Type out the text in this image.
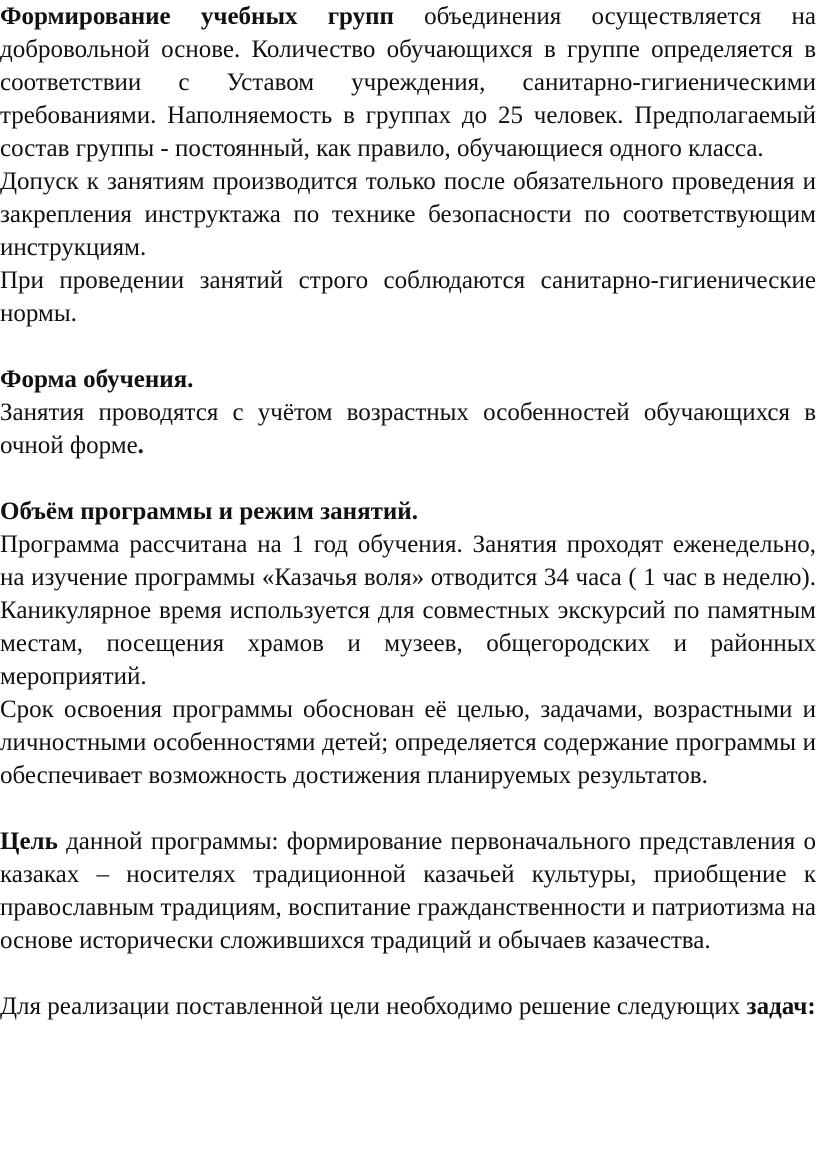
Формирование учебных групп объединения осуществляется на добровольной основе. Количество обучающихся в группе определяется в соответствии с Уставом учреждения, санитарно-гигиеническими требованиями. Наполняемость в группах до 25 человек. Предполагаемый состав группы - постоянный, как правило, обучающиеся одного класса.

Допуск к занятиям производится только после обязательного проведения и закрепления инструктажа по технике безопасности по соответствующим инструкциям.

При проведении занятий строго соблюдаются санитарно-гигиенические нормы.

Форма обучения.

Занятия проводятся с учётом возрастных особенностей обучающихся в очной форме.

Объём программы и режим занятий.

Программа рассчитана на 1 год обучения. Занятия проходят еженедельно, на изучение программы «Казачья воля» отводится 34 часа ( 1 час в неделю). Каникулярное время используется для совместных экскурсий по памятным местам, посещения храмов и музеев, общегородских и районных мероприятий.

Срок освоения программы обоснован её целью, задачами, возрастными и личностными особенностями детей; определяется содержание программы и обеспечивает возможность достижения планируемых результатов.

Цель данной программы: формирование первоначального представления о казаках – носителях традиционной казачьей культуры, приобщение к православным традициям, воспитание гражданственности и патриотизма на основе исторически сложившихся традиций и обычаев казачества.

Для реализации поставленной цели необходимо решение следующих задач:
